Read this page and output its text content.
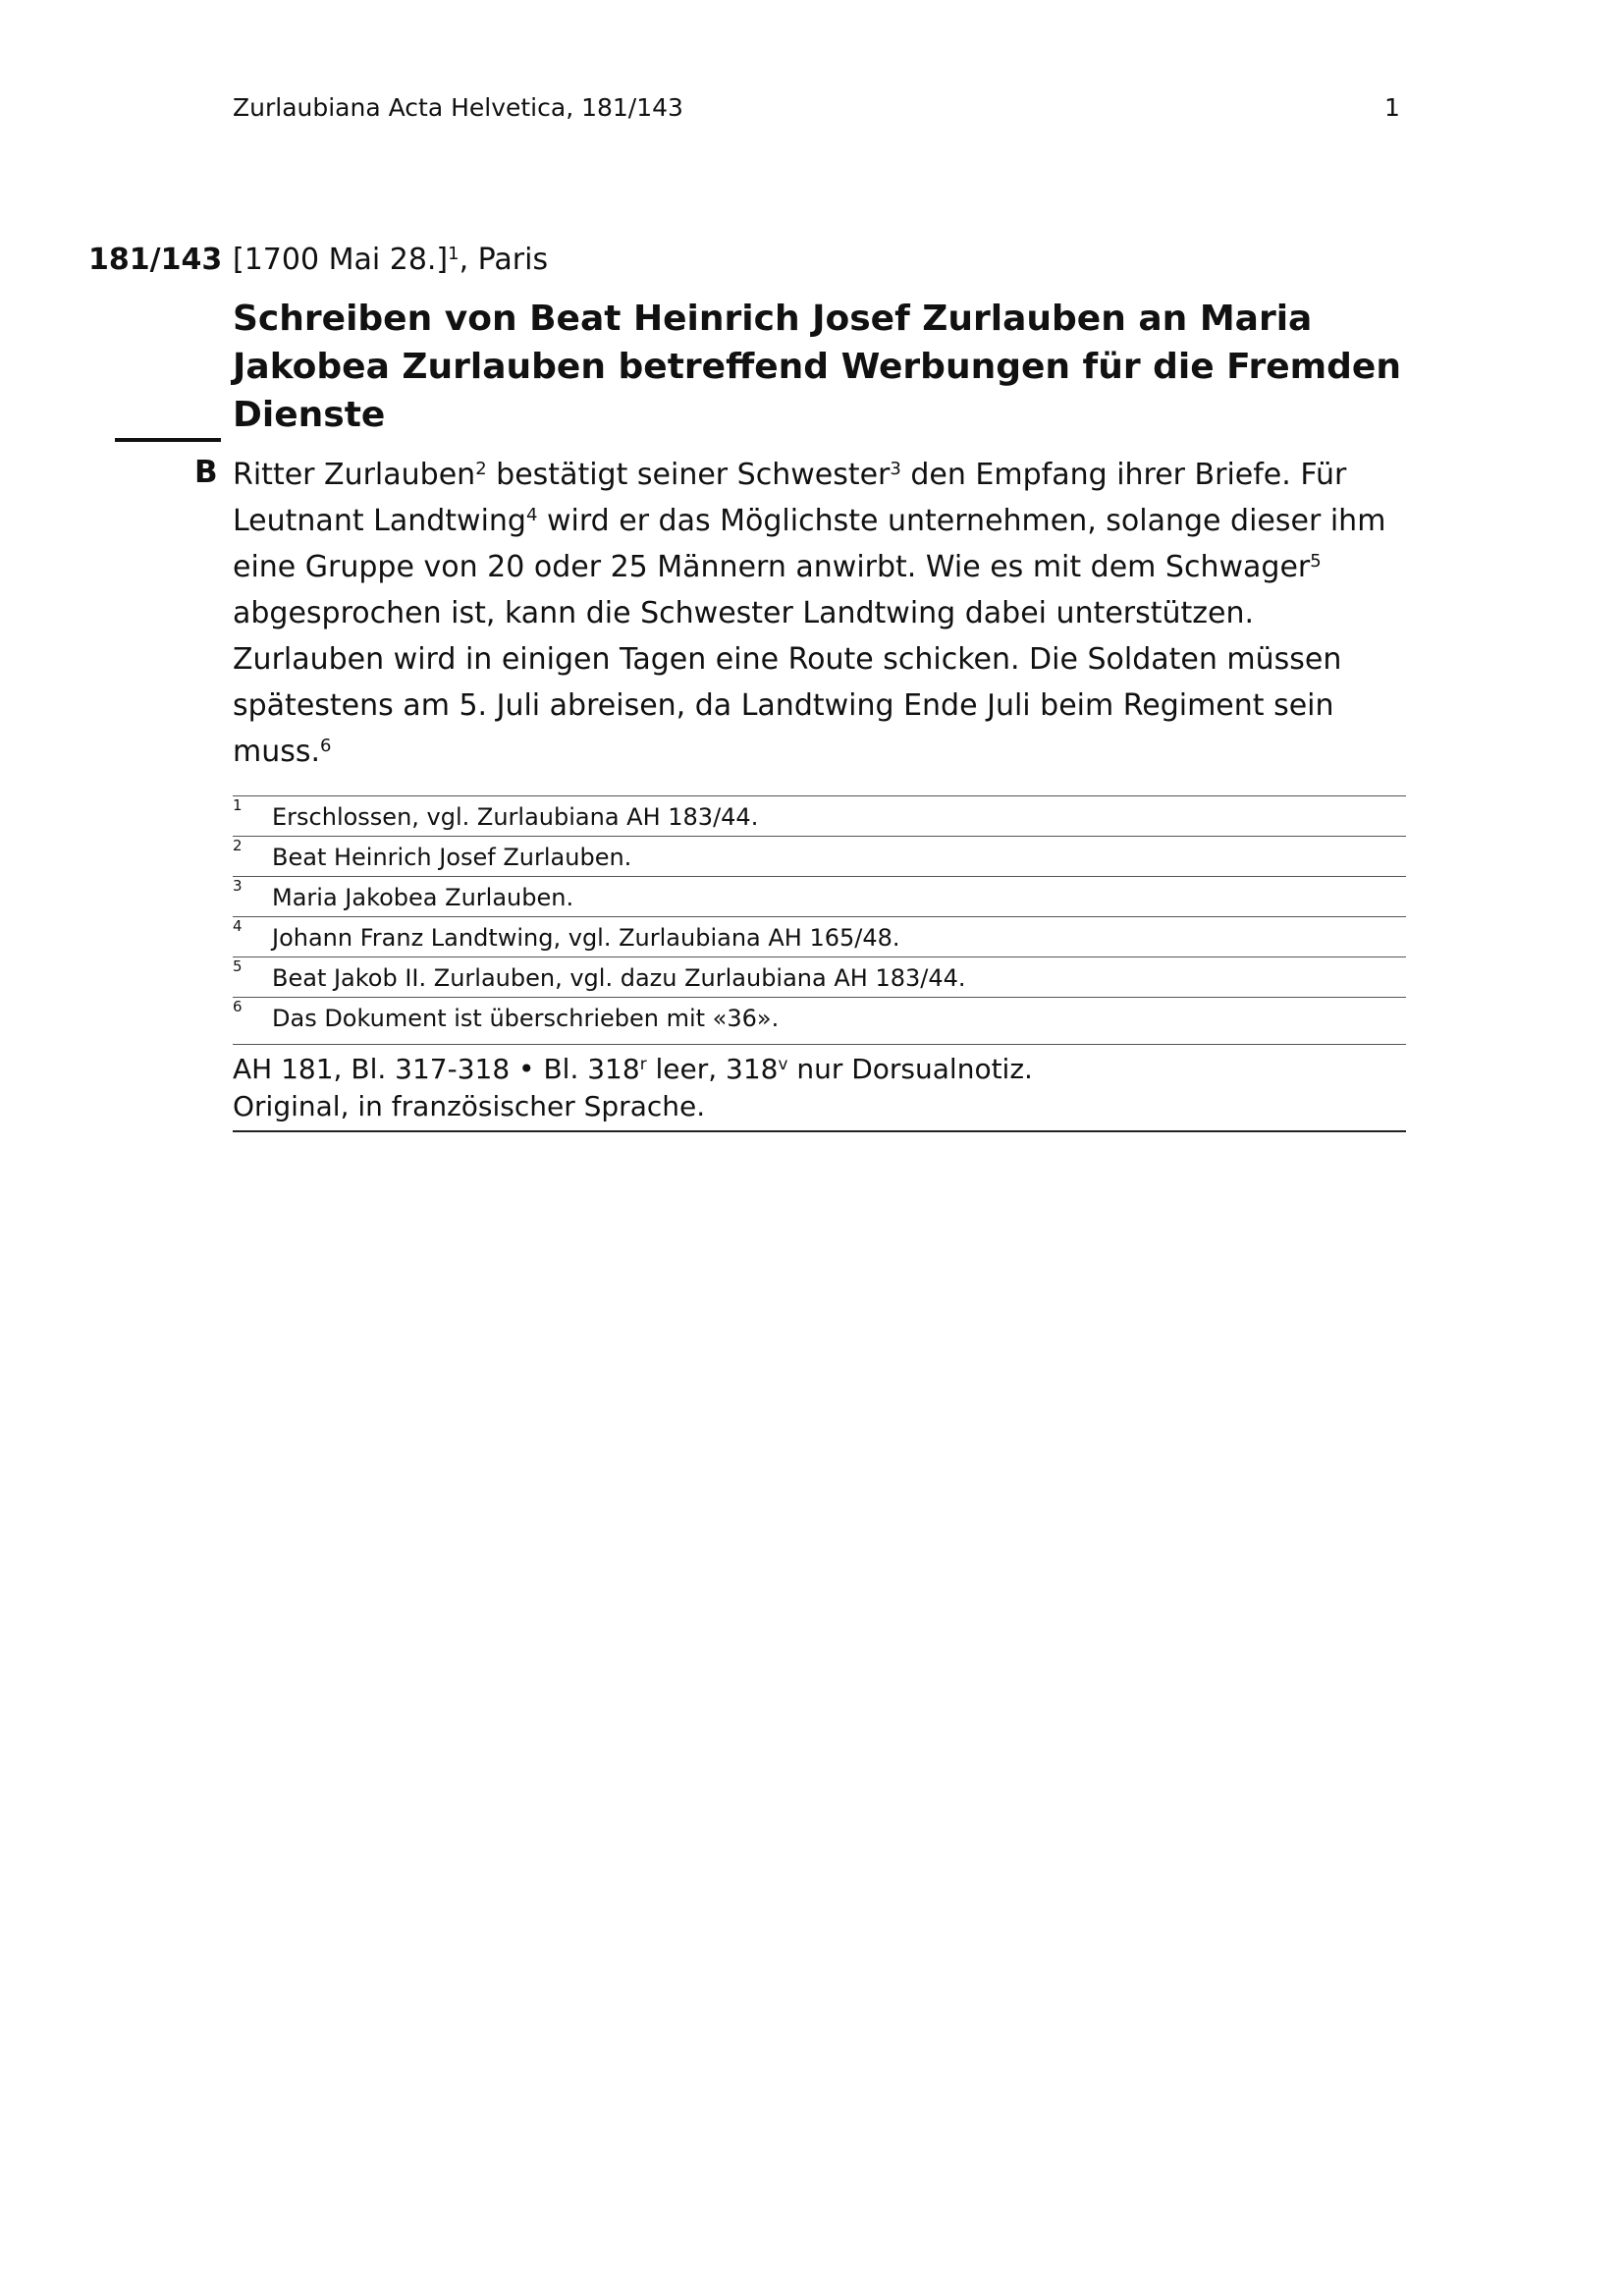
Zurlaubiana Acta Helvetica, 181/143	1
181/143 [1700 Mai 28.]$^1$, Paris
Schreiben von Beat Heinrich Josef Zurlauben an Maria Jakobea Zurlauben betreffend Werbungen für die Fremden Dienste
B Ritter Zurlauben$^2$ bestätigt seiner Schwester$^3$ den Empfang ihrer Briefe. Für Leutnant Landtwing$^4$ wird er das Möglichste unternehmen, solange dieser ihm eine Gruppe von 20 oder 25 Männern anwirbt. Wie es mit dem Schwager$^5$ abgesprochen ist, kann die Schwester Landtwing dabei unterstützen. Zurlauben wird in einigen Tagen eine Route schicken. Die Soldaten müssen spätestens am 5. Juli abreisen, da Landtwing Ende Juli beim Regiment sein muss.$^6$
1 Erschlossen, vgl. Zurlaubiana AH 183/44.
2 Beat Heinrich Josef Zurlauben.
3 Maria Jakobea Zurlauben.
4 Johann Franz Landtwing, vgl. Zurlaubiana AH 165/48.
5 Beat Jakob II. Zurlauben, vgl. dazu Zurlaubiana AH 183/44.
6 Das Dokument ist überschrieben mit «36».
AH 181, Bl. 317-318 • Bl. 318$^r$ leer, 318$^v$ nur Dorsualnotiz.
Original, in französischer Sprache.
